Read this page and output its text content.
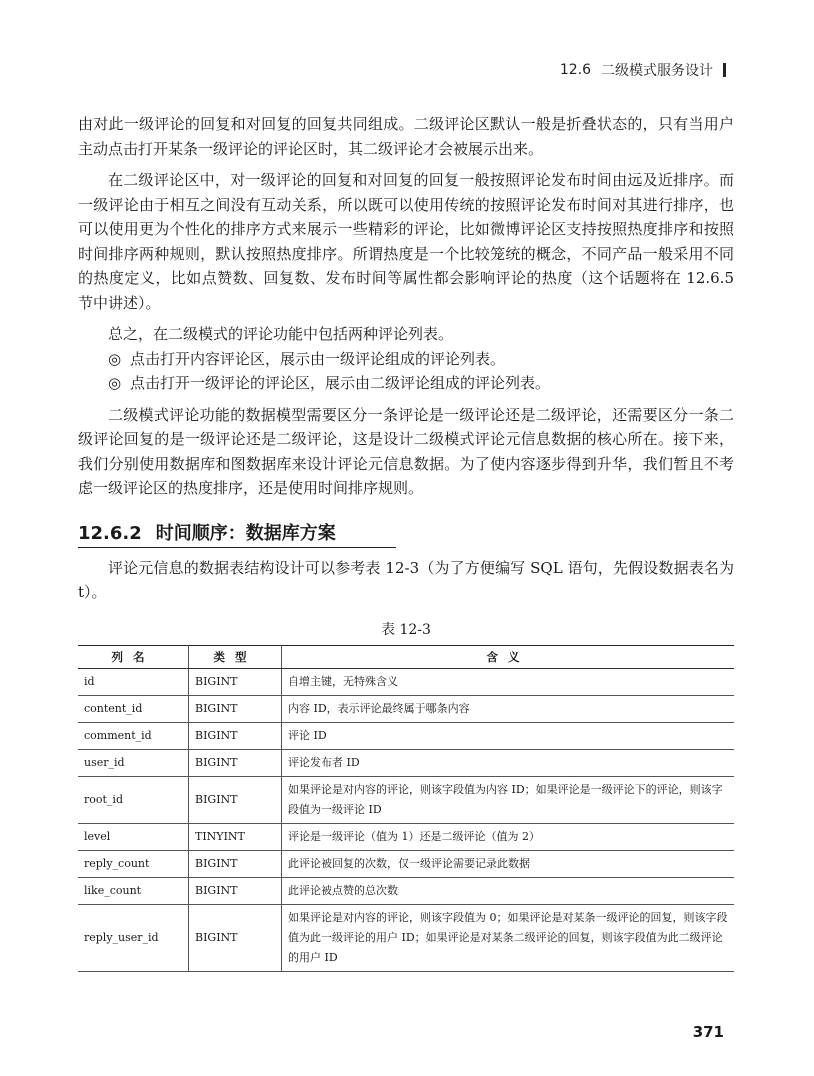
12.6 二级模式服务设计

由对此一级评论的回复和对回复的回复共同组成。二级评论区默认一般是折叠状态的，只有当用户主动点击打开某条一级评论的评论区时，其二级评论才会被展示出来。

在二级评论区中，对一级评论的回复和对回复的回复一般按照评论发布时间由远及近排序。而一级评论由于相互之间没有互动关系，所以既可以使用传统的按照评论发布时间对其进行排序，也可以使用更为个性化的排序方式来展示一些精彩的评论，比如微博评论区支持按照热度排序和按照时间排序两种规则，默认按照热度排序。所谓热度是一个比较笼统的概念，不同产品一般采用不同的热度定义，比如点赞数、回复数、发布时间等属性都会影响评论的热度（这个话题将在 12.6.5 节中讲述）。

总之，在二级模式的评论功能中包括两种评论列表。

◎ 点击打开内容评论区，展示由一级评论组成的评论列表。
◎ 点击打开一级评论的评论区，展示由二级评论组成的评论列表。

二级模式评论功能的数据模型需要区分一条评论是一级评论还是二级评论，还需要区分一条二级评论回复的是一级评论还是二级评论，这是设计二级模式评论元信息数据的核心所在。接下来，我们分别使用数据库和图数据库来设计评论元信息数据。为了使内容逐步得到升华，我们暂且不考虑一级评论区的热度排序，还是使用时间排序规则。

12.6.2 时间顺序：数据库方案

评论元信息的数据表结构设计可以参考表 12-3（为了方便编写 SQL 语句，先假设数据表名为 t）。

表 12-3
列名	类型	含义
id	BIGINT	自增主键，无特殊含义
content_id	BIGINT	内容 ID，表示评论最终属于哪条内容
comment_id	BIGINT	评论 ID
user_id	BIGINT	评论发布者 ID
root_id	BIGINT	如果评论是对内容的评论，则该字段值为内容 ID；如果评论是一级评论下的评论，则该字段值为一级评论 ID
level	TINYINT	评论是一级评论（值为 1）还是二级评论（值为 2）
reply_count	BIGINT	此评论被回复的次数，仅一级评论需要记录此数据
like_count	BIGINT	此评论被点赞的总次数
reply_user_id	BIGINT	如果评论是对内容的评论，则该字段值为 0；如果评论是对某条一级评论的回复，则该字段值为此一级评论的用户 ID；如果评论是对某条二级评论的回复，则该字段值为此二级评论的用户 ID
371
